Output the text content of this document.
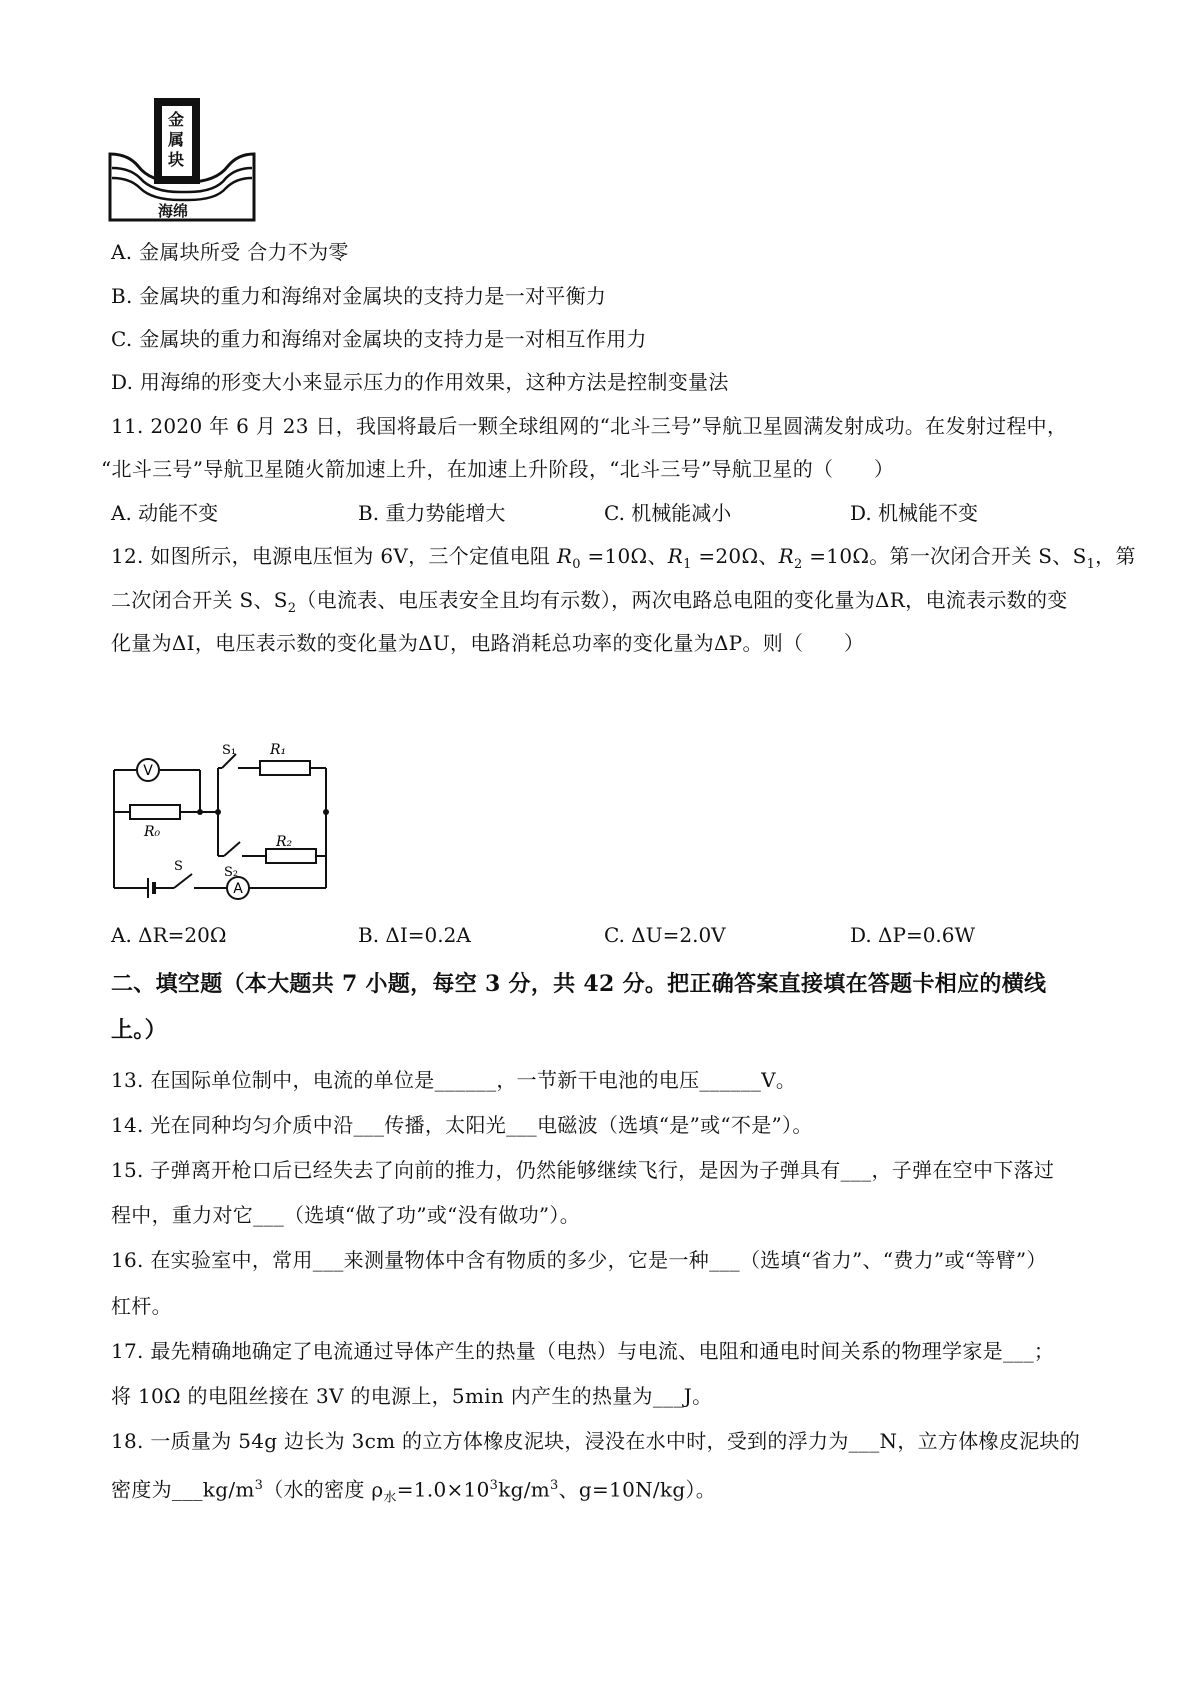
金属块
海绵
A. 金属块所受 合力不为零
B. 金属块的重力和海绵对金属块的支持力是一对平衡力
C. 金属块的重力和海绵对金属块的支持力是一对相互作用力
D. 用海绵的形变大小来显示压力的作用效果，这种方法是控制变量法
11. 2020 年 6 月 23 日，我国将最后一颗全球组网的“北斗三号”导航卫星圆满发射成功。在发射过程中，
“北斗三号”导航卫星随火箭加速上升，在加速上升阶段，“北斗三号”导航卫星的（　　）
A. 动能不变	B. 重力势能增大	C. 机械能减小	D. 机械能不变
12. 如图所示，电源电压恒为 6V，三个定值电阻 $R_0 =10\Omega$、$R_1 =20\Omega$、$R_2 =10\Omega$。第一次闭合开关 S、$S_1$，第
二次闭合开关 S、$S_2$（电流表、电压表安全且均有示数），两次电路总电阻的变化量为ΔR，电流表示数的变
化量为ΔI，电压表示数的变化量为ΔU，电路消耗总功率的变化量为ΔP。则（　　）
V
A
R₀
R₁
R₂
S₁
S₂
S
A. ΔR=20Ω	B. ΔI=0.2A	C. ΔU=2.0V	D. ΔP=0.6W
二、填空题（本大题共 7 小题，每空 3 分，共 42 分。把正确答案直接填在答题卡相应的横线
上。）
13. 在国际单位制中，电流的单位是______，一节新干电池的电压______V。
14. 光在同种均匀介质中沿___传播，太阳光___电磁波（选填“是”或“不是”）。
15. 子弹离开枪口后已经失去了向前的推力，仍然能够继续飞行，是因为子弹具有___，子弹在空中下落过
程中，重力对它___（选填“做了功”或“没有做功”）。
16. 在实验室中，常用___来测量物体中含有物质的多少，它是一种___（选填“省力”、“费力”或“等臂”）
杠杆。
17. 最先精确地确定了电流通过导体产生的热量（电热）与电流、电阻和通电时间关系的物理学家是___；
将 10Ω 的电阻丝接在 3V 的电源上，5min 内产生的热量为___J。
18. 一质量为 54g 边长为 3cm 的立方体橡皮泥块，浸没在水中时，受到的浮力为___N，立方体橡皮泥块的
密度为$\_\_\_kg/m^3$（水的密度 $\rho_水=1.0\times 10^3kg/m^3$、g=10N/kg）。
